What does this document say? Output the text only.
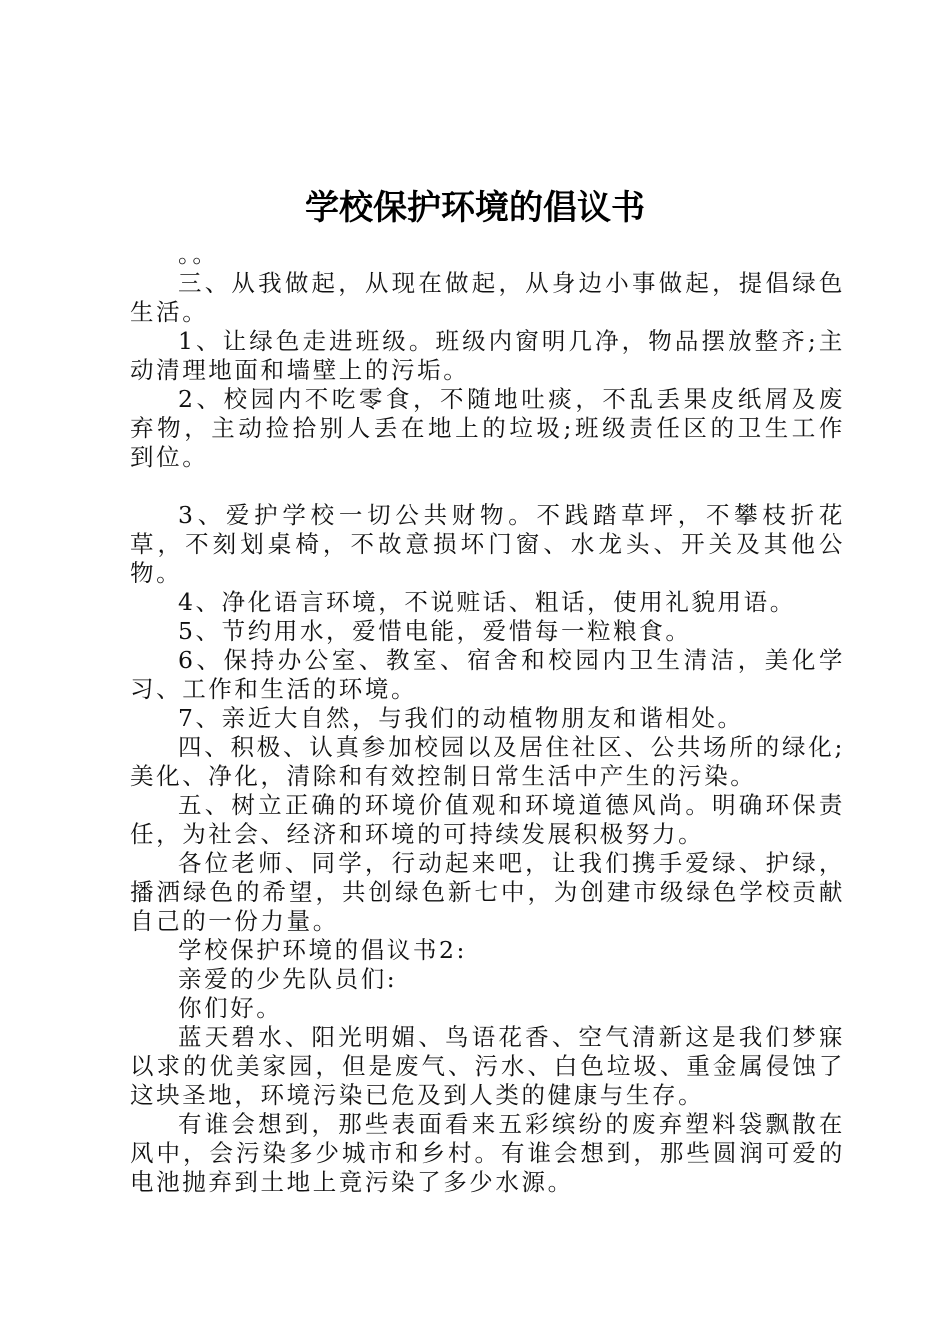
学校保护环境的倡议书

。。

三、从我做起，从现在做起，从身边小事做起，提倡绿色生活。

1、让绿色走进班级。班级内窗明几净，物品摆放整齐;主动清理地面和墙壁上的污垢。

2、校园内不吃零食，不随地吐痰，不乱丢果皮纸屑及废弃物，主动捡拾别人丢在地上的垃圾;班级责任区的卫生工作到位。

3、爱护学校一切公共财物。不践踏草坪，不攀枝折花草，不刻划桌椅，不故意损坏门窗、水龙头、开关及其他公物。

4、净化语言环境，不说赃话、粗话，使用礼貌用语。

5、节约用水，爱惜电能，爱惜每一粒粮食。

6、保持办公室、教室、宿舍和校园内卫生清洁，美化学习、工作和生活的环境。

7、亲近大自然，与我们的动植物朋友和谐相处。

四、积极、认真参加校园以及居住社区、公共场所的绿化;美化、净化，清除和有效控制日常生活中产生的污染。

五、树立正确的环境价值观和环境道德风尚。明确环保责任，为社会、经济和环境的可持续发展积极努力。

各位老师、同学，行动起来吧，让我们携手爱绿、护绿，播洒绿色的希望，共创绿色新七中，为创建市级绿色学校贡献自己的一份力量。

学校保护环境的倡议书2:

亲爱的少先队员们:

你们好。

蓝天碧水、阳光明媚、鸟语花香、空气清新这是我们梦寐以求的优美家园，但是废气、污水、白色垃圾、重金属侵蚀了这块圣地，环境污染已危及到人类的健康与生存。

有谁会想到，那些表面看来五彩缤纷的废弃塑料袋飘散在风中，会污染多少城市和乡村。有谁会想到，那些圆润可爱的电池抛弃到土地上竟污染了多少水源。
